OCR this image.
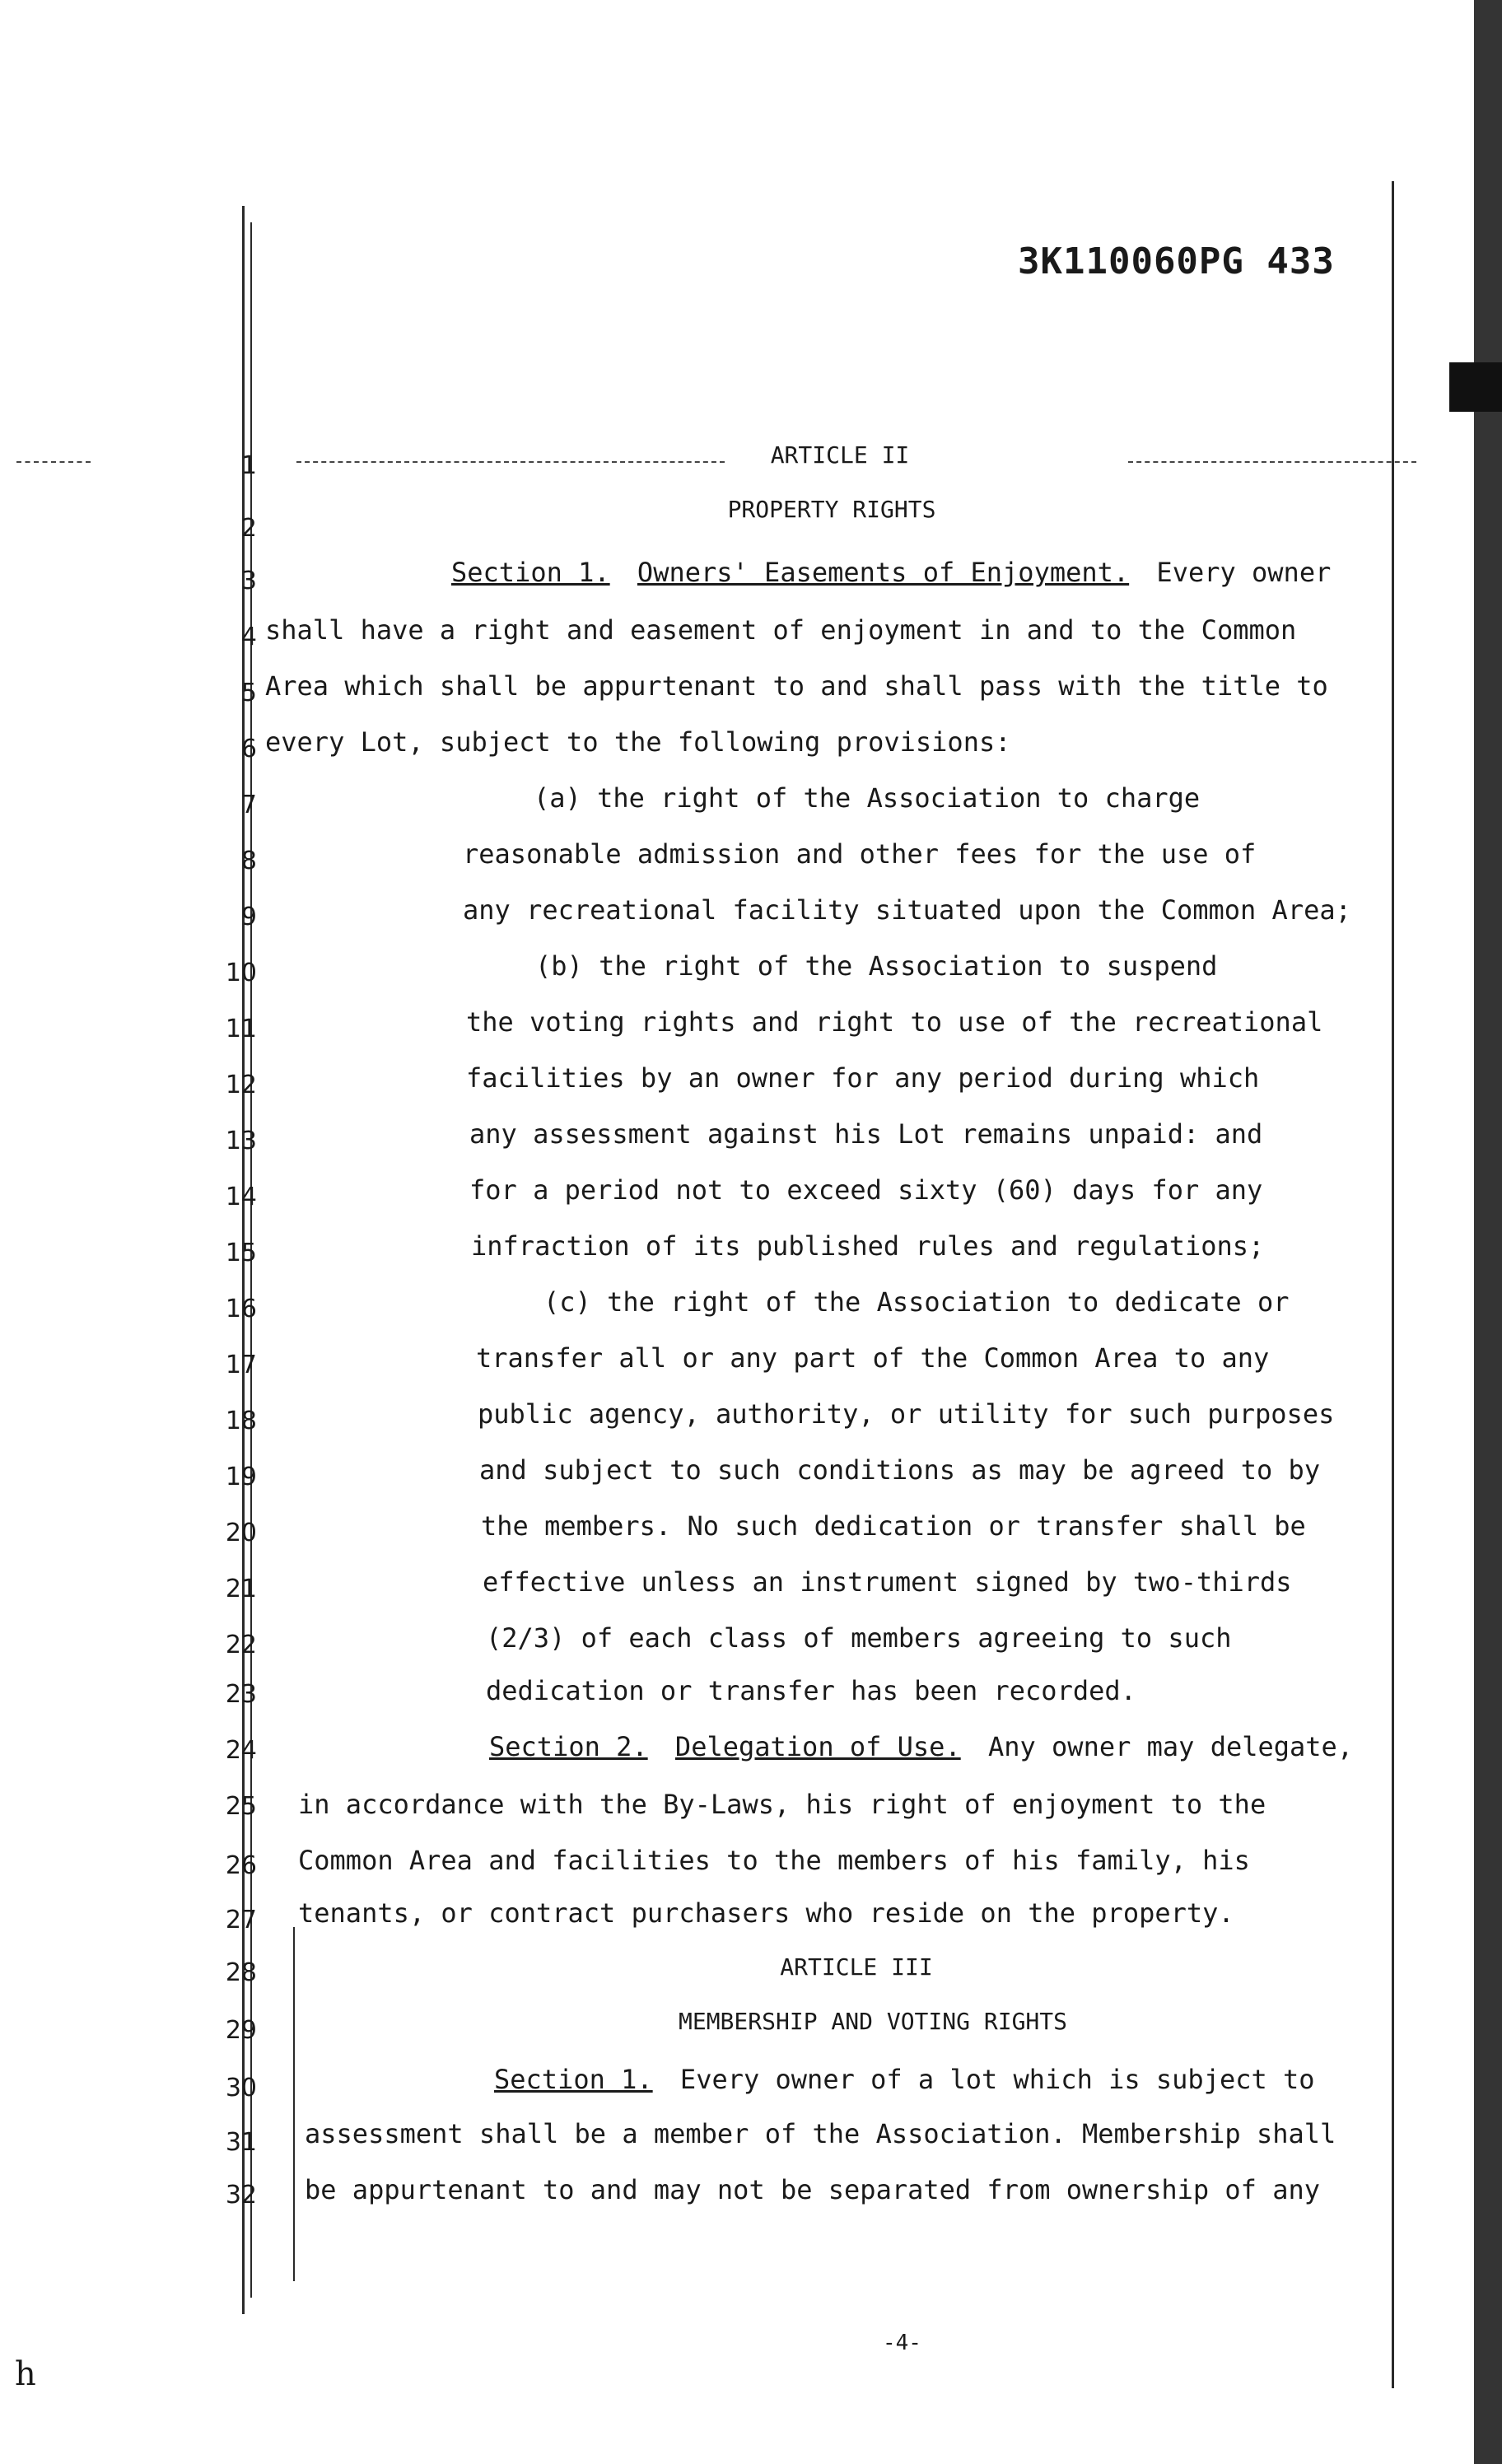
3K110060PG 433
1
2
3
4
5
6
7
8
9
10
11
12
13
14
15
16
17
18
19
20
21
22
23
24
25
26
27
28
29
30
31
32
ARTICLE II
PROPERTY RIGHTS
Section 1. Owners' Easements of Enjoyment. Every owner
shall have a right and easement of enjoyment in and to the Common
Area which shall be appurtenant to and shall pass with the title to
every Lot, subject to the following provisions:
(a) the right of the Association to charge
reasonable admission and other fees for the use of
any recreational facility situated upon the Common Area;
(b) the right of the Association to suspend
the voting rights and right to use of the recreational
facilities by an owner for any period during which
any assessment against his Lot remains unpaid: and
for a period not to exceed sixty (60) days for any
infraction of its published rules and regulations;
(c) the right of the Association to dedicate or
transfer all or any part of the Common Area to any
public agency, authority, or utility for such purposes
and subject to such conditions as may be agreed to by
the members. No such dedication or transfer shall be
effective unless an instrument signed by two-thirds
(2/3) of each class of members agreeing to such
dedication or transfer has been recorded.
Section 2. Delegation of Use. Any owner may delegate,
in accordance with the By-Laws, his right of enjoyment to the
Common Area and facilities to the members of his family, his
tenants, or contract purchasers who reside on the property.
ARTICLE III
MEMBERSHIP AND VOTING RIGHTS
Section 1. Every owner of a lot which is subject to
assessment shall be a member of the Association. Membership shall
be appurtenant to and may not be separated from ownership of any
-4-
h
